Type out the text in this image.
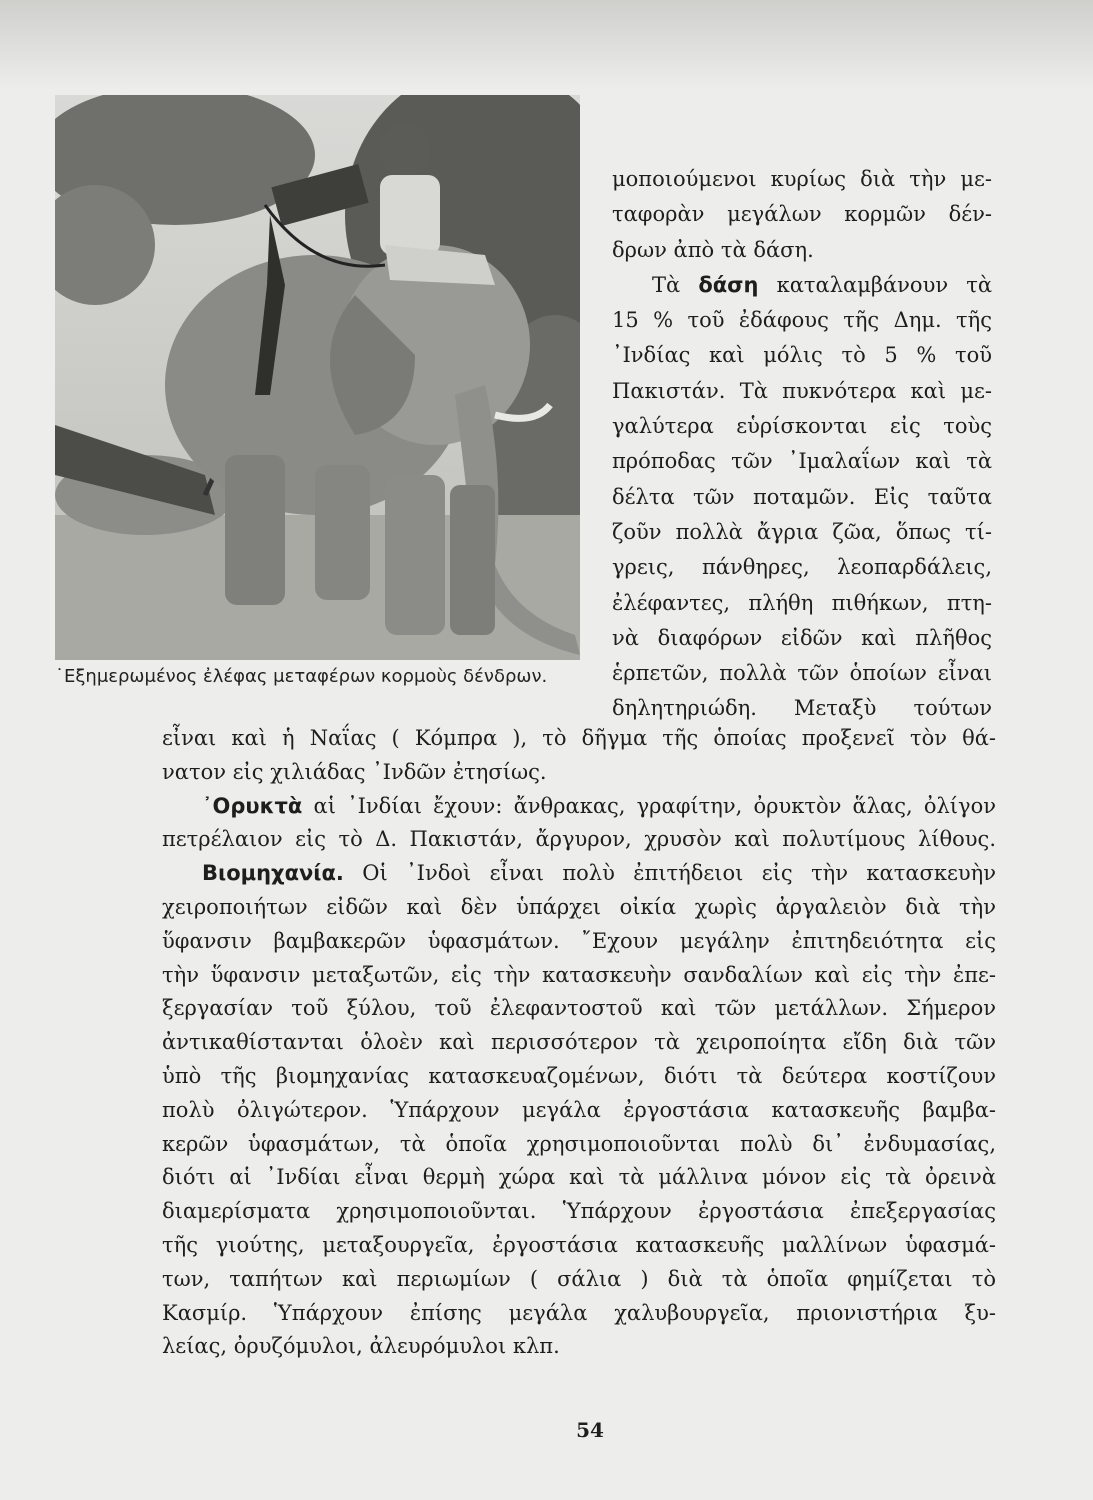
˙Εξημερωμένος ἐλέφας μεταφέρων κορμοὺς δένδρων.
μοποιούμενοι κυρίως διὰ τὴν με-
ταφορὰν μεγάλων κορμῶν δέν-
δρων ἀπὸ τὰ δάση.
Τὰ δάση καταλαμβάνουν τὰ
15 % τοῦ ἐδάφους τῆς Δημ. τῆς
᾿Ινδίας καὶ μόλις τὸ 5 % τοῦ
Πακιστάν. Τὰ πυκνότερα καὶ με-
γαλύτερα εὑρίσκονται εἰς τοὺς
πρόποδας τῶν ᾿Ιμαλαΐων καὶ τὰ
δέλτα τῶν ποταμῶν. Εἰς ταῦτα
ζοῦν πολλὰ ἄγρια ζῶα, ὅπως τί-
γρεις, πάνθηρες, λεοπαρδάλεις,
ἐλέφαντες, πλήθη πιθήκων, πτη-
νὰ διαφόρων εἰδῶν καὶ πλῆθος
ἑρπετῶν, πολλὰ τῶν ὁποίων εἶναι
δηλητηριώδη. Μεταξὺ τούτων
εἶναι καὶ ἡ Ναΐας ( Κόμπρα ), τὸ δῆγμα τῆς ὁποίας προξενεῖ τὸν θά-
νατον εἰς χιλιάδας ᾿Ινδῶν ἐτησίως.
᾿Ορυκτὰ αἱ ᾿Ινδίαι ἔχουν: ἄνθρακας, γραφίτην, ὀρυκτὸν ἅλας, ὀλίγον
πετρέλαιον εἰς τὸ Δ. Πακιστάν, ἄργυρον, χρυσὸν καὶ πολυτίμους λίθους.
Βιομηχανία. Οἱ ᾿Ινδοὶ εἶναι πολὺ ἐπιτήδειοι εἰς τὴν κατασκευὴν
χειροποιήτων εἰδῶν καὶ δὲν ὑπάρχει οἰκία χωρὶς ἀργαλειὸν διὰ τὴν
ὕφανσιν βαμβακερῶν ὑφασμάτων. ῎Εχουν μεγάλην ἐπιτηδειότητα εἰς
τὴν ὕφανσιν μεταξωτῶν, εἰς τὴν κατασκευὴν σανδαλίων καὶ εἰς τὴν ἐπε-
ξεργασίαν τοῦ ξύλου, τοῦ ἐλεφαντοστοῦ καὶ τῶν μετάλλων. Σήμερον
ἀντικαθίστανται ὁλοὲν καὶ περισσότερον τὰ χειροποίητα εἴδη διὰ τῶν
ὑπὸ τῆς βιομηχανίας κατασκευαζομένων, διότι τὰ δεύτερα κοστίζουν
πολὺ ὀλιγώτερον. Ὑπάρχουν μεγάλα ἐργοστάσια κατασκευῆς βαμβα-
κερῶν ὑφασμάτων, τὰ ὁποῖα χρησιμοποιοῦνται πολὺ δι᾿ ἐνδυμασίας,
διότι αἱ ᾿Ινδίαι εἶναι θερμὴ χώρα καὶ τὰ μάλλινα μόνον εἰς τὰ ὀρεινὰ
διαμερίσματα χρησιμοποιοῦνται. Ὑπάρχουν ἐργοστάσια ἐπεξεργασίας
τῆς γιούτης, μεταξουργεῖα, ἐργοστάσια κατασκευῆς μαλλίνων ὑφασμά-
των, ταπήτων καὶ περιωμίων ( σάλια ) διὰ τὰ ὁποῖα φημίζεται τὸ
Κασμίρ. Ὑπάρχουν ἐπίσης μεγάλα χαλυβουργεῖα, πριονιστήρια ξυ-
λείας, ὀρυζόμυλοι, ἀλευρόμυλοι κλπ.
54
